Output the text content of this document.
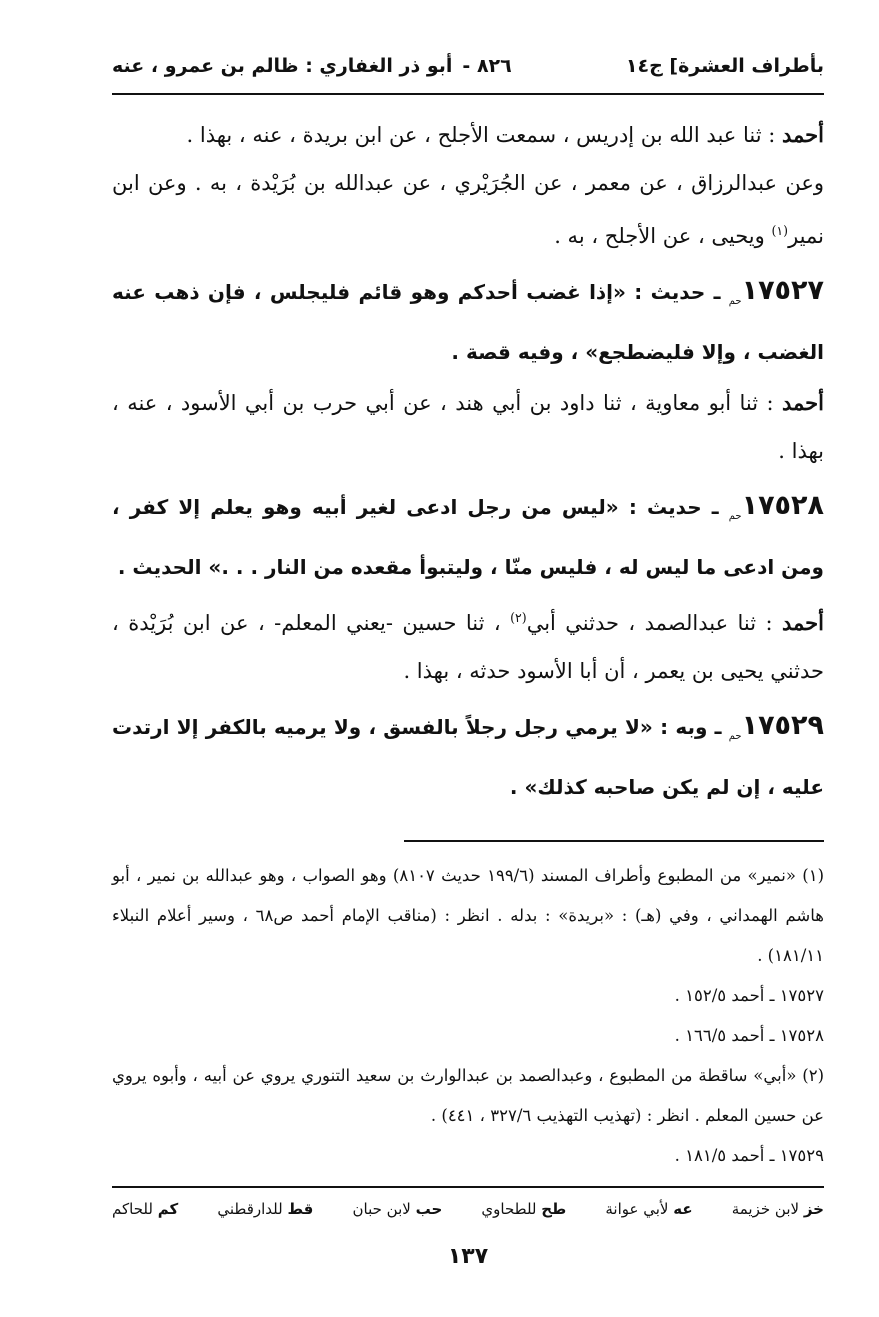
بأطراف العشرة] ج١٤
٨٢٦ -
أبو ذر الغفاري : ظالم بن عمرو ، عنه

أحمد : ثنا عبد الله بن إدريس ، سمعت الأجلح ، عن ابن بريدة ، عنه ، بهذا .

وعن عبدالرزاق ، عن معمر ، عن الجُرَيْري ، عن عبدالله بن بُرَيْدة ، به . وعن ابن نمير$^{(١)}$ ويحيى ، عن الأجلح ، به .

$١٧٥٢٧_{حم}$ ـ حديث : «إذا غضب أحدكم وهو قائم فليجلس ، فإن ذهب عنه الغضب ، وإلا فليضطجع» ، وفيه قصة .

أحمد : ثنا أبو معاوية ، ثنا داود بن أبي هند ، عن أبي حرب بن أبي الأسود ، عنه ، بهذا .

$١٧٥٢٨_{حم}$ ـ حديث : «ليس من رجل ادعى لغير أبيه وهو يعلم إلا كفر ، ومن ادعى ما ليس له ، فليس منّا ، وليتبوأ مقعده من النار . . .» الحديث .

أحمد : ثنا عبدالصمد ، حدثني أبي$^{(٢)}$ ، ثنا حسين -يعني المعلم- ، عن ابن بُرَيْدة ، حدثني يحيى بن يعمر ، أن أبا الأسود حدثه ، بهذا .

$١٧٥٢٩_{حم}$ ـ وبه : «لا يرمي رجل رجلاً بالفسق ، ولا يرميه بالكفر إلا ارتدت عليه ، إن لم يكن صاحبه كذلك» .

(١) «نمير» من المطبوع وأطراف المسند (١٩٩/٦ حديث ٨١٠٧) وهو الصواب ، وهو عبدالله بن نمير ، أبو هاشم الهمداني ، وفي (هـ) : «بريدة» : بدله . انظر : (مناقب الإمام أحمد ص٦٨ ، وسير أعلام النبلاء ١٨١/١١) .

١٧٥٢٧ ـ أحمد ١٥٢/٥ .

١٧٥٢٨ ـ أحمد ١٦٦/٥ .

(٢) «أبي» ساقطة من المطبوع ، وعبدالصمد بن عبدالوارث بن سعيد التنوري يروي عن أبيه ، وأبوه يروي عن حسين المعلم . انظر : (تهذيب التهذيب ٣٢٧/٦ ، ٤٤١) .

١٧٥٢٩ ـ أحمد ١٨١/٥ .

خز لابن خزيمة
عه لأبي عوانة
طح للطحاوي
حب لابن حبان
قط للدارقطني
كم للحاكم
١٣٧
